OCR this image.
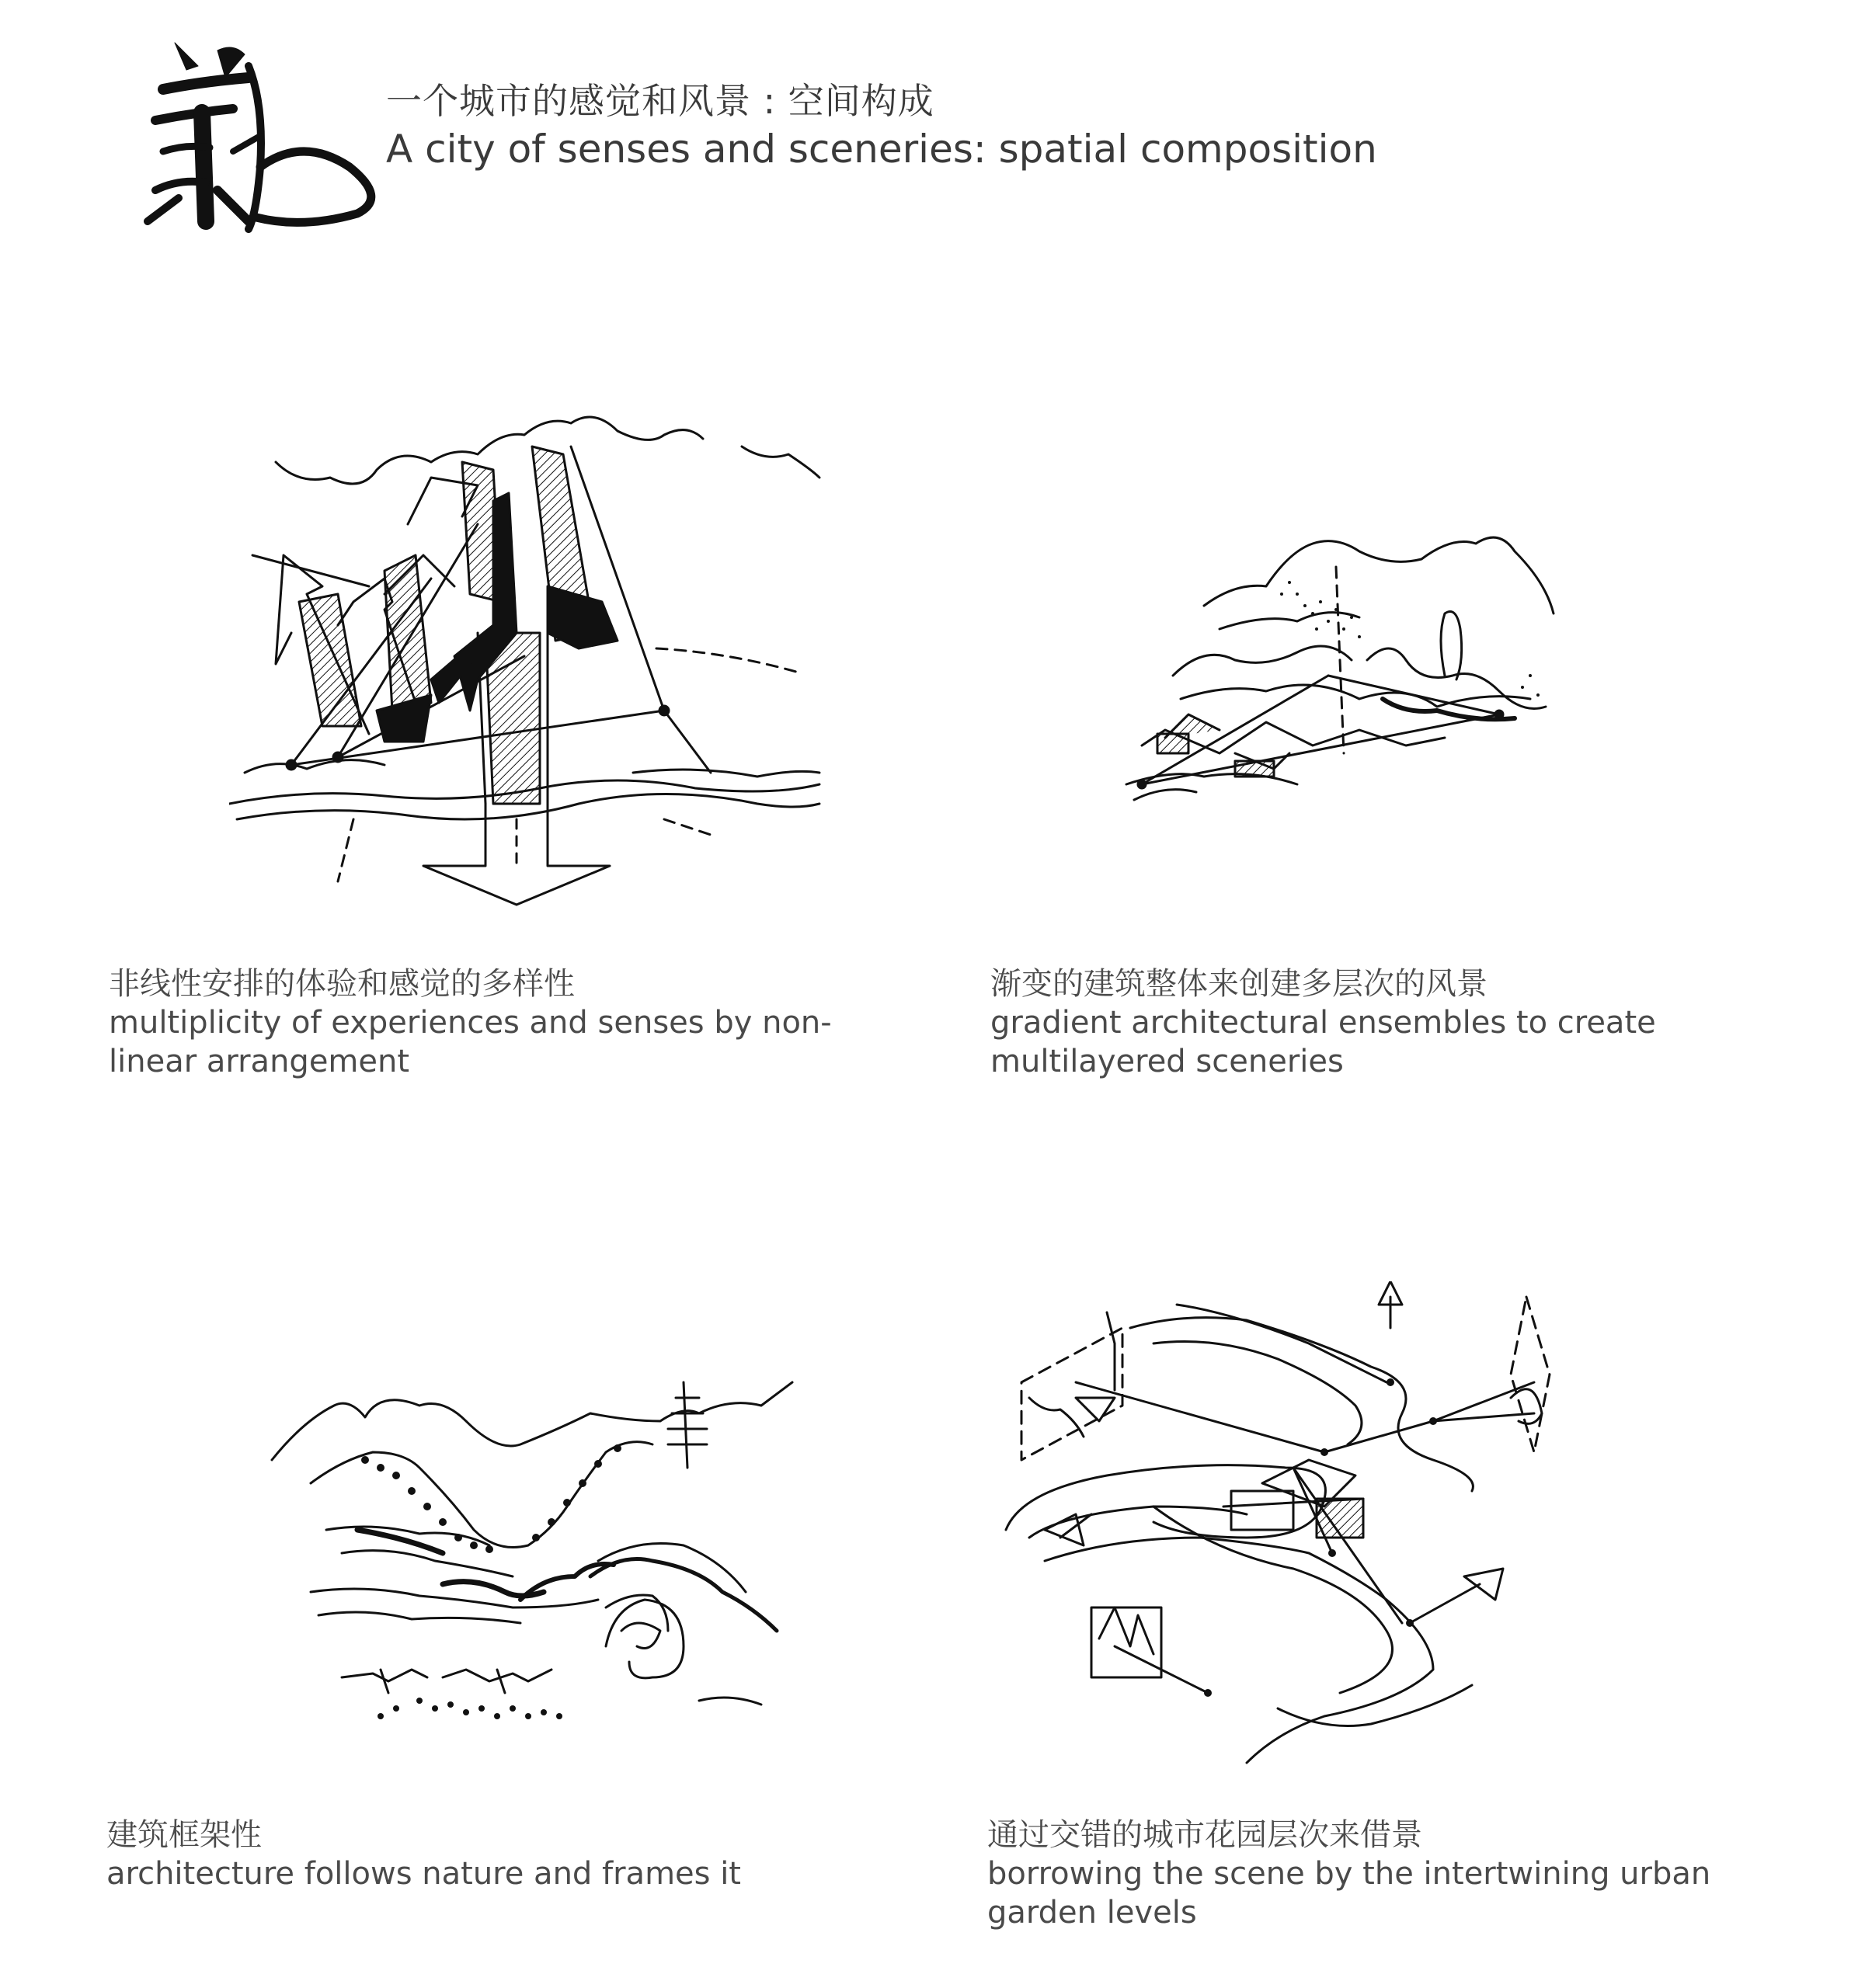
一个城市的感觉和风景 : 空间构成
A city of senses and sceneries: spatial composition
非线性安排的体验和感觉的多样性
multiplicity of experiences and senses by non-
linear arrangement
渐变的建筑整体来创建多层次的风景
gradient architectural ensembles to create
multilayered sceneries
建筑框架性
architecture follows nature and frames it
通过交错的城市花园层次来借景
borrowing the scene by the intertwining urban
garden levels
